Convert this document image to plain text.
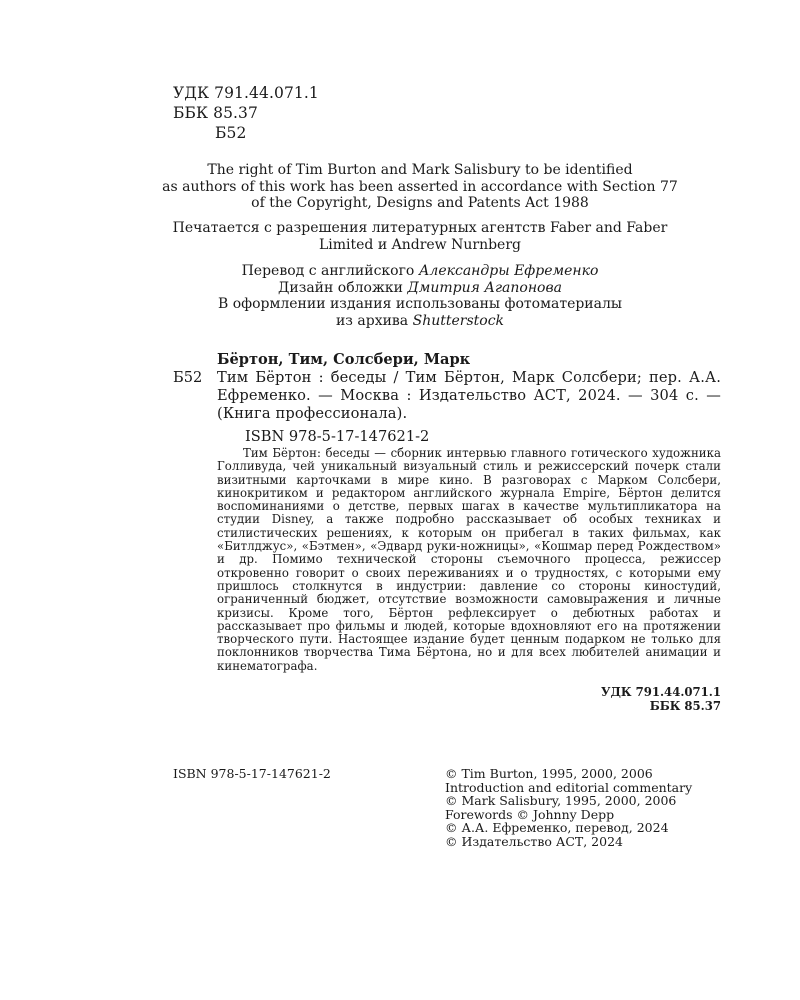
УДК 791.44.071.1
ББК 85.37
Б52
The right of Tim Burton and Mark Salisbury to be identified
as authors of this work has been asserted in accordance with Section 77
of the Copyright, Designs and Patents Act 1988
Печатается с разрешения литературных агентств Faber and Faber
Limited и Andrew Nurnberg
Перевод с английского Александры Ефременко
Дизайн обложки Дмитрия Агапонова
В оформлении издания использованы фотоматериалы
из архива Shutterstock
Бёртон, Тим, Солсбери, Марк
Б52	Тим Бёртон : беседы / Тим Бёртон, Марк Солсбери; пер. А.А. Ефременко. — Москва : Издательство АСТ, 2024. — 304 с. — (Книга профессионала).
ISBN 978-5-17-147621-2
Тим Бёртон: беседы — сборник интервью главного готического художника Голливуда, чей уникальный визуальный стиль и режиссерский почерк стали визитными карточками в мире кино. В разговорах с Марком Солсбери, кинокритиком и редактором английского журнала Empire, Бёртон делится воспоминаниями о детстве, первых шагах в качестве мультипликатора на студии Disney, а также подробно рассказывает об особых техниках и стилистических решениях, к которым он прибегал в таких фильмах, как «Битлджус», «Бэтмен», «Эдвард руки-ножницы», «Кошмар перед Рождеством» и др. Помимо технической стороны съемочного процесса, режиссер откровенно говорит о своих переживаниях и о трудностях, с которыми ему пришлось столкнутся в индустрии: давление со стороны киностудий, ограниченный бюджет, отсутствие возможности самовыражения и личные кризисы. Кроме того, Бёртон рефлексирует о дебютных работах и рассказывает про фильмы и людей, которые вдохновляют его на протяжении творческого пути. Настоящее издание будет ценным подарком не только для поклонников творчества Тима Бёртона, но и для всех любителей анимации и кинематографа.
УДК 791.44.071.1
ББК 85.37
ISBN 978-5-17-147621-2	© Tim Burton, 1995, 2000, 2006
Introduction and editorial commentary
© Mark Salisbury, 1995, 2000, 2006
Forewords © Johnny Depp
© А.А. Ефременко, перевод, 2024
© Издательство АСТ, 2024
